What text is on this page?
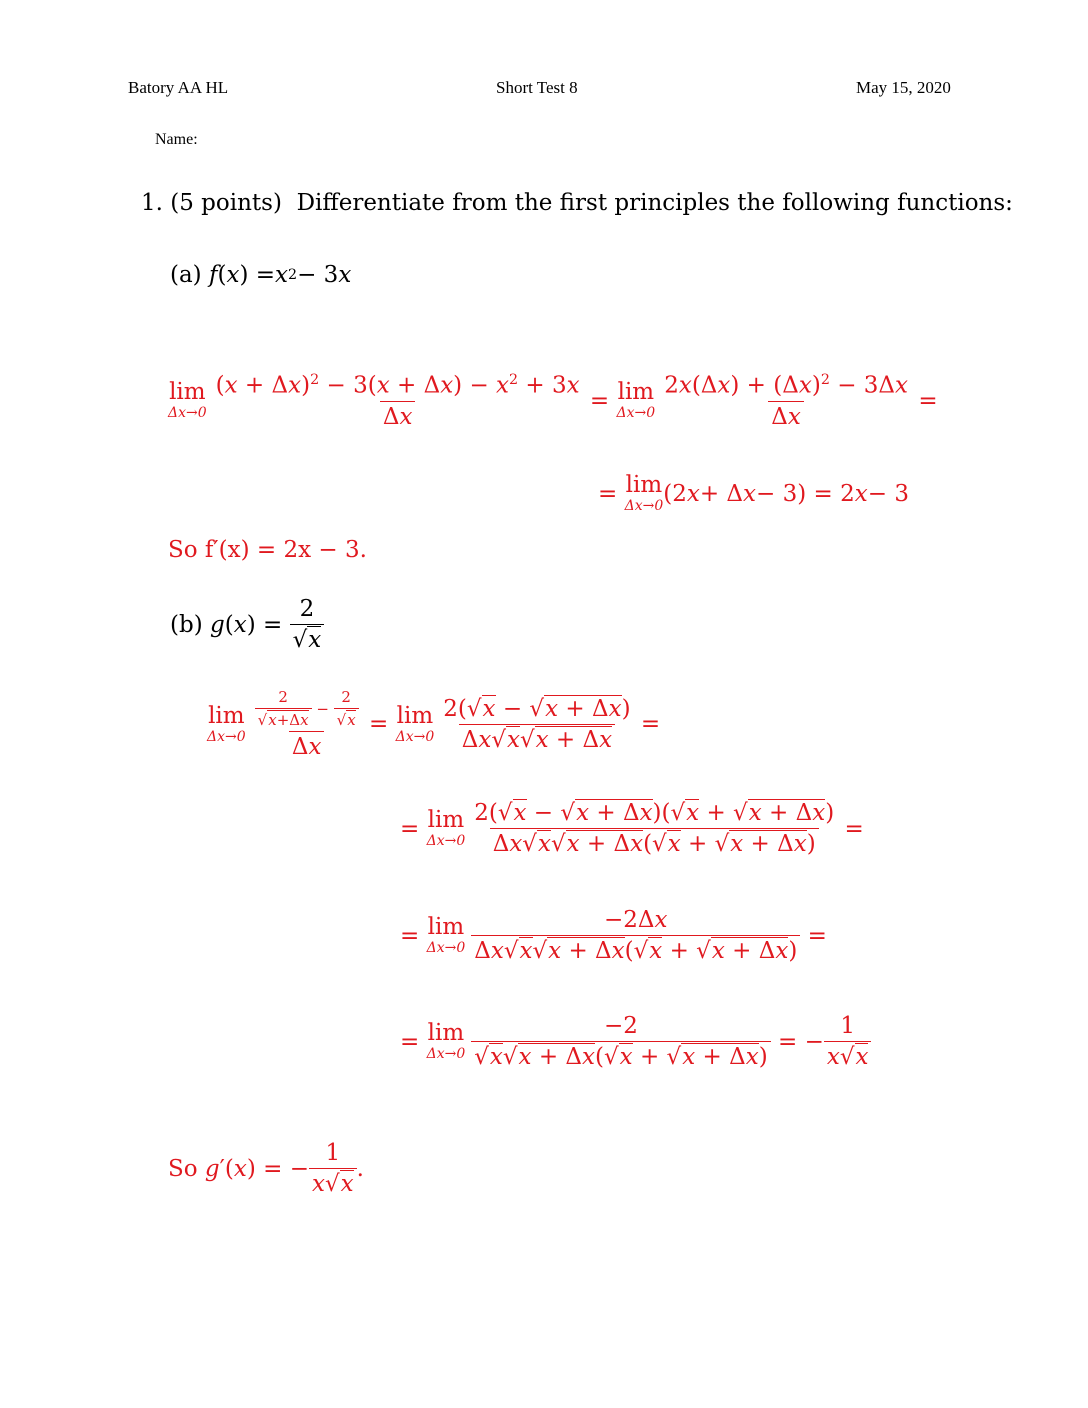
Batory AA HL	Short Test 8	May 15, 2020
Name:
1.
(5 points)
Differentiate from the first principles the following functions:
(a)
f ( x ) = x 2 − 3 x
lim
$\Delta x\to 0 \frac{(x + \Delta x)^2 - 3(x + \Delta x) - x^2 + 3x}{\Delta x} = \lim$
$\Delta x\to 0 \frac{2x(\Delta x) + (\Delta x)^2 - 3\Delta x}{\Delta x}$ =
= lim
Δx→0 (2 x + Δ x − 3) = 2 x − 3
So
f′(x) = 2x − 3.
(b)
g ( x ) = $\frac{2}{√x}$
lim
$\Delta x\to 0 \frac{\frac{2}{√x+\Delta x} - \frac{2}{√x}}{\Delta x} = \lim$
$\Delta x\to 0 \frac{2(√x - √x + \Delta x)}{\Delta x√x√x + \Delta x}$ =
= lim
$\Delta x\to 0 \frac{2(√x - √x + \Delta x)(√x + √x + \Delta x)}{\Delta x√x√x + \Delta x(√x + √x + \Delta x)}$ =
= lim
$\Delta x\to 0 \frac{-2\Delta x}{\Delta x√x√x + \Delta x(√x + √x + \Delta x)}$ =
= lim
$\Delta x\to 0 \frac{-2}{√x√x + \Delta x(√x + √x + \Delta x)}$ = − $\frac{1}{x√x}$
So
g ′( x ) = − $\frac{1}{x√x}$ .
